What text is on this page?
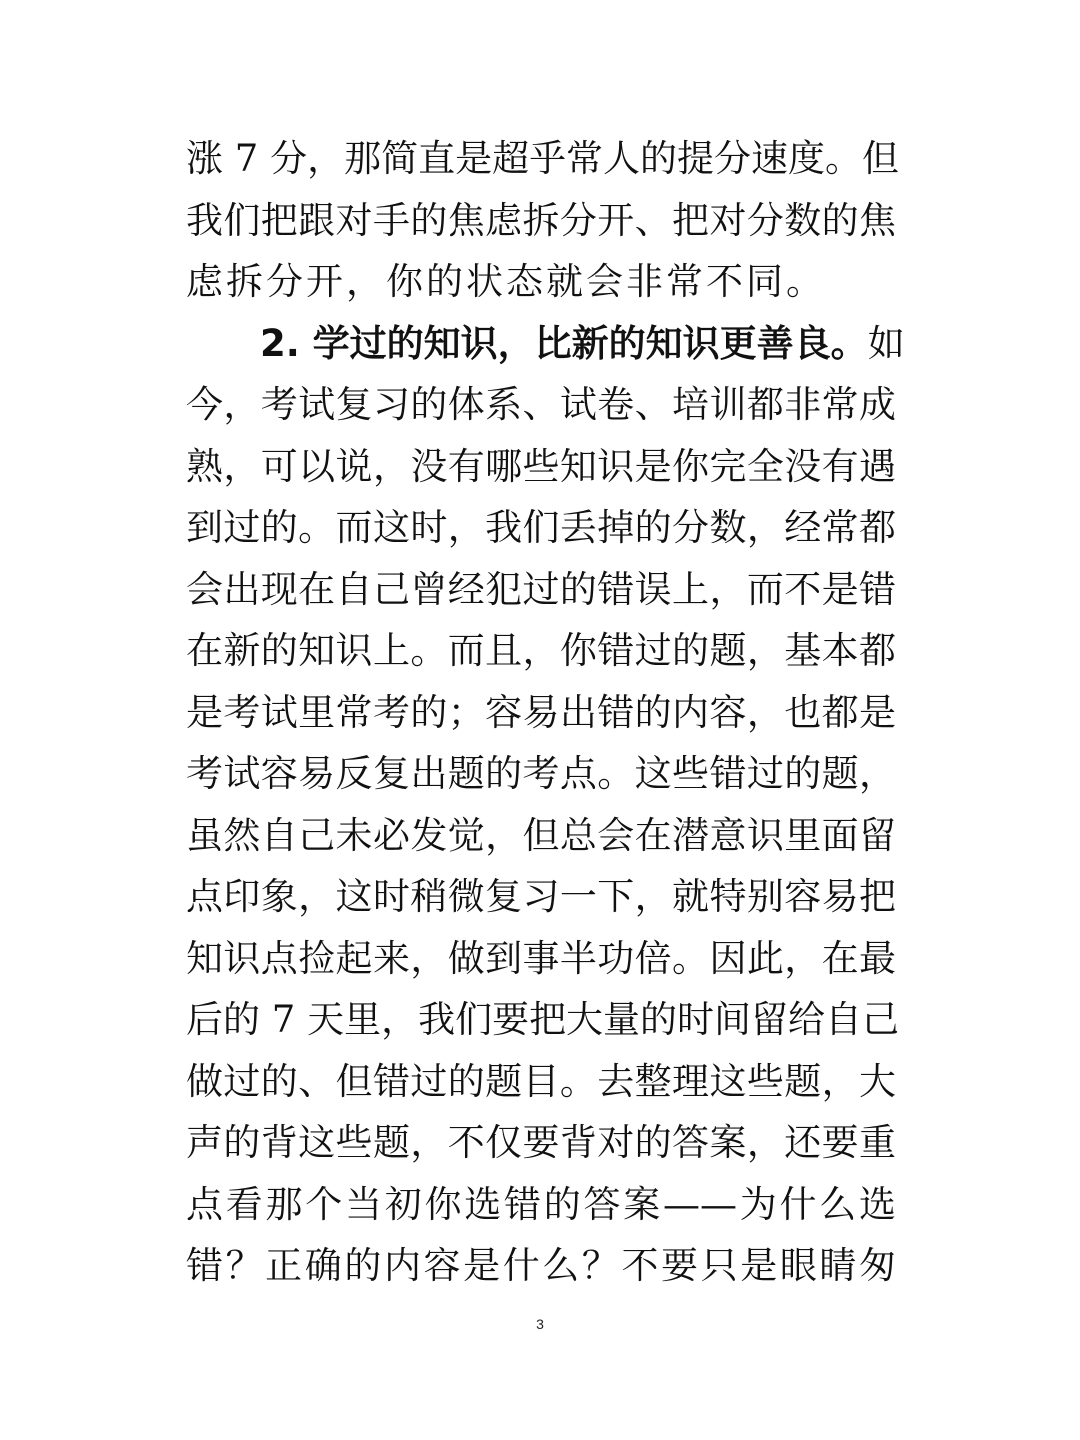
涨 7 分，那简直是超乎常人的提分速度。但
我们把跟对手的焦虑拆分开、把对分数的焦
虑拆分开，你的状态就会非常不同。
2. 学过的知识，比新的知识更善良。如
今，考试复习的体系、试卷、培训都非常成
熟，可以说，没有哪些知识是你完全没有遇
到过的。而这时，我们丢掉的分数，经常都
会出现在自己曾经犯过的错误上，而不是错
在新的知识上。而且，你错过的题，基本都
是考试里常考的；容易出错的内容，也都是
考试容易反复出题的考点。这些错过的题，
虽然自己未必发觉，但总会在潜意识里面留
点印象，这时稍微复习一下，就特别容易把
知识点捡起来，做到事半功倍。因此，在最
后的 7 天里，我们要把大量的时间留给自己
做过的、但错过的题目。去整理这些题，大
声的背这些题，不仅要背对的答案，还要重
点看那个当初你选错的答案——为什么选
错？正确的内容是什么？不要只是眼睛匆
3
